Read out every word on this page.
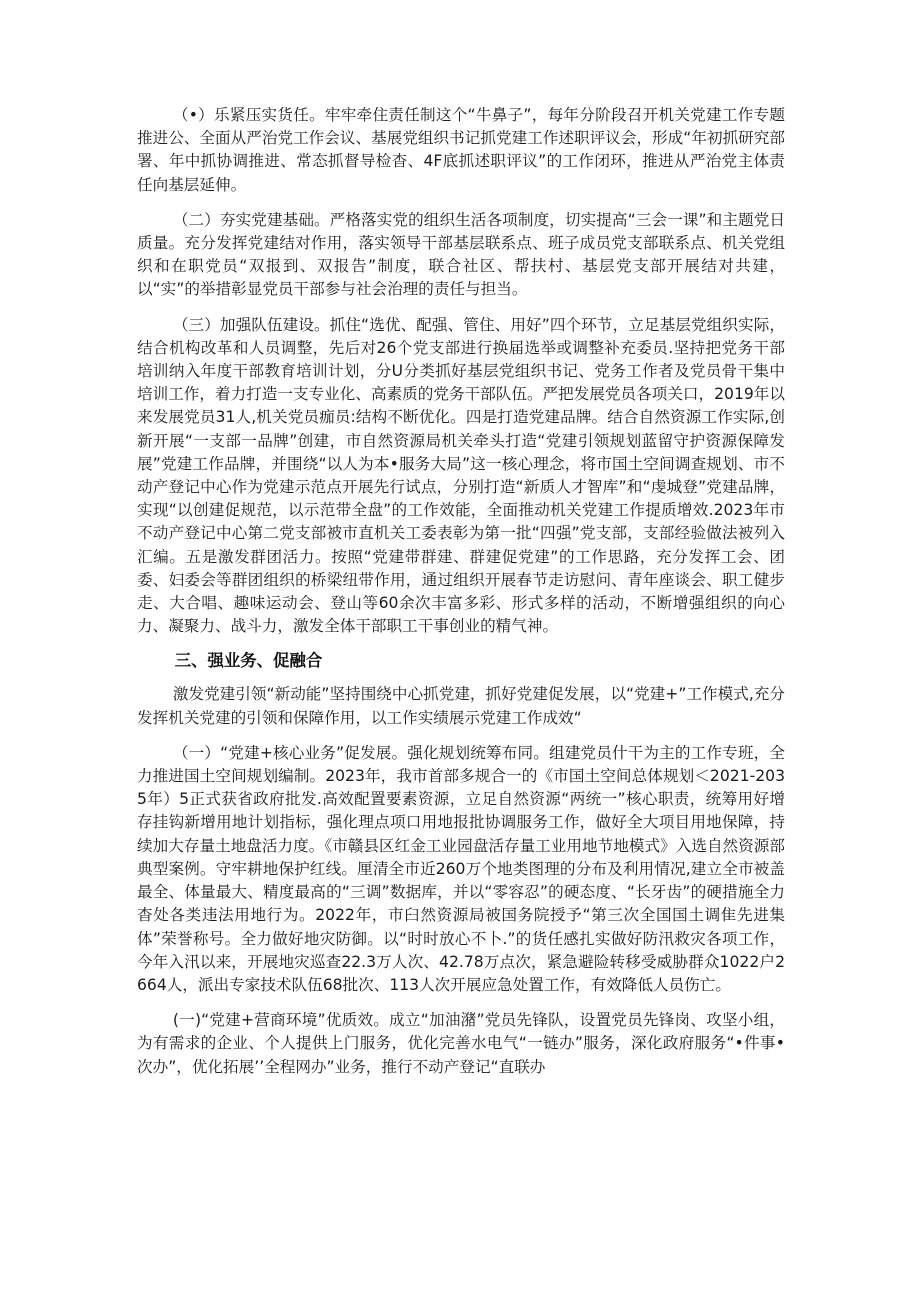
（•）乐紧压实货任。牢牢牵住责任制这个“牛鼻子”，每年分阶段召开机关党建工作专题推进公、全面从严治党工作会议、基展党组织书记抓党建工作述职评议会，形成“年初抓研究部署、年中抓协调推进、常态抓督导检杳、4F底抓述职评议”的工作闭环，推进从严治党主体责任向基层延伸。

（二）夯实党建基础。严格落实党的组织生活各项制度，切实提高“三会一课”和主题党日质量。充分发挥党建结对作用，落实领导干部基层联系点、班子成员党支部联系点、机关党组织和在职党员“双报到、双报告”制度，联合社区、帮扶村、基层党支部开展结对共建，以“实”的举措彰显党员干部参与社会治理的责任与担当。

（三）加强队伍建设。抓住“选优、配强、管住、用好”四个环节，立足基层党组织实际，结合机构改革和人员调整，先后对26个党支部进行换届选举或调整补充委员.坚持把党务干部培训纳入年度干部教育培训计划，分U分类抓好基层党组织书记、党务工作者及党员骨干集中培训工作，着力打造一支专业化、高素质的党务干部队伍。严把发展党员各项关口，2019年以来发展党员31人,机关党员痂员:结构不断优化。四是打造党建品牌。结合自然资源工作实际,创新开展“一支部一品牌”创建，市自然资源局机关牵头打造“党建引领规划蓝留守护资源保障发展”党建工作品牌，并围绕“以人为本•服务大局”这一核心理念，将市国土空间调查规划、市不动产登记中心作为党建示范点开展先行试点，分别打造“新质人才智库”和“虔城登”党建品牌，实现“以创建促规范，以示范带全盘”的工作效能，全面推动机关党建工作提质增效.2023年市不动产登记中心第二党支部被市直机关工委表彰为第一批“四强”党支部，支部经验做法被列入汇编。五是激发群团活力。按照“党建带群建、群建促党建”的工作思路，充分发挥工会、团委、妇委会等群团组织的桥梁纽带作用，通过组织开展春节走访慰问、青年座谈会、职工健步走、大合唱、趣味运动会、登山等60余次丰富多彩、形式多样的活动，不断增强组织的向心力、凝聚力、战斗力，激发全体干部职工干事创业的精气神。

三、强业务、促融合

激发党建引领“新动能”坚持围绕中心抓党建，抓好党建促发展，以“党建+”工作模式,充分发挥机关党建的引领和保障作用，以工作实绩展示党建工作成效“

（一）“党建+核心业务”促发展。强化规划统筹布同。组建党员什干为主的工作专班，全力推进国土空间规划编制。2023年，我市首部多规合一的《市国土空间总体规划＜2021-2035年）5正式获省政府批发.高效配置要素资源，立足自然资源“两统一”核心职责，统筹用好增存挂钩新增用地计划指标，强化理点项口用地报批协调服务工作，做好全大项目用地保障，持续加大存量土地盘活力度。《市赣县区红金工业园盘活存量工业用地节地模式》入选自然资源部典型案例。守牢耕地保护红线。厘清全市近260万个地类图理的分布及利用情况,建立全市被盖最全、体量最大、精度最高的“三调”数据库，并以“零容忍”的硬态度、“长牙齿”的硬措施全力杳处各类违法用地行为。2022年，市臼然资源局被国务院授予“第三次全国国土调隹先进集体”荣誉称号。全力做好地灾防御。以“时时放心不卜.”的货任感扎实做好防汛救灾各项工作，今年入汛以来，开展地灾巡查22.3万人次、42.78万点次，紧急避险转移受威胁群众1022户2664人，派出专家技术队伍68批次、113人次开展应急处置工作，有效降低人员伤亡。

(一)“党建+营商环境”优质效。成立“加油潴”党员先锋队，设置党员先锋岗、攻坚小组，为有需求的企业、个人提供上门服务，优化完善水电气“一链办”服务，深化政府服务“•件事•次办”，优化拓展’’全程网办”业务，推行不动产登记“直联办
